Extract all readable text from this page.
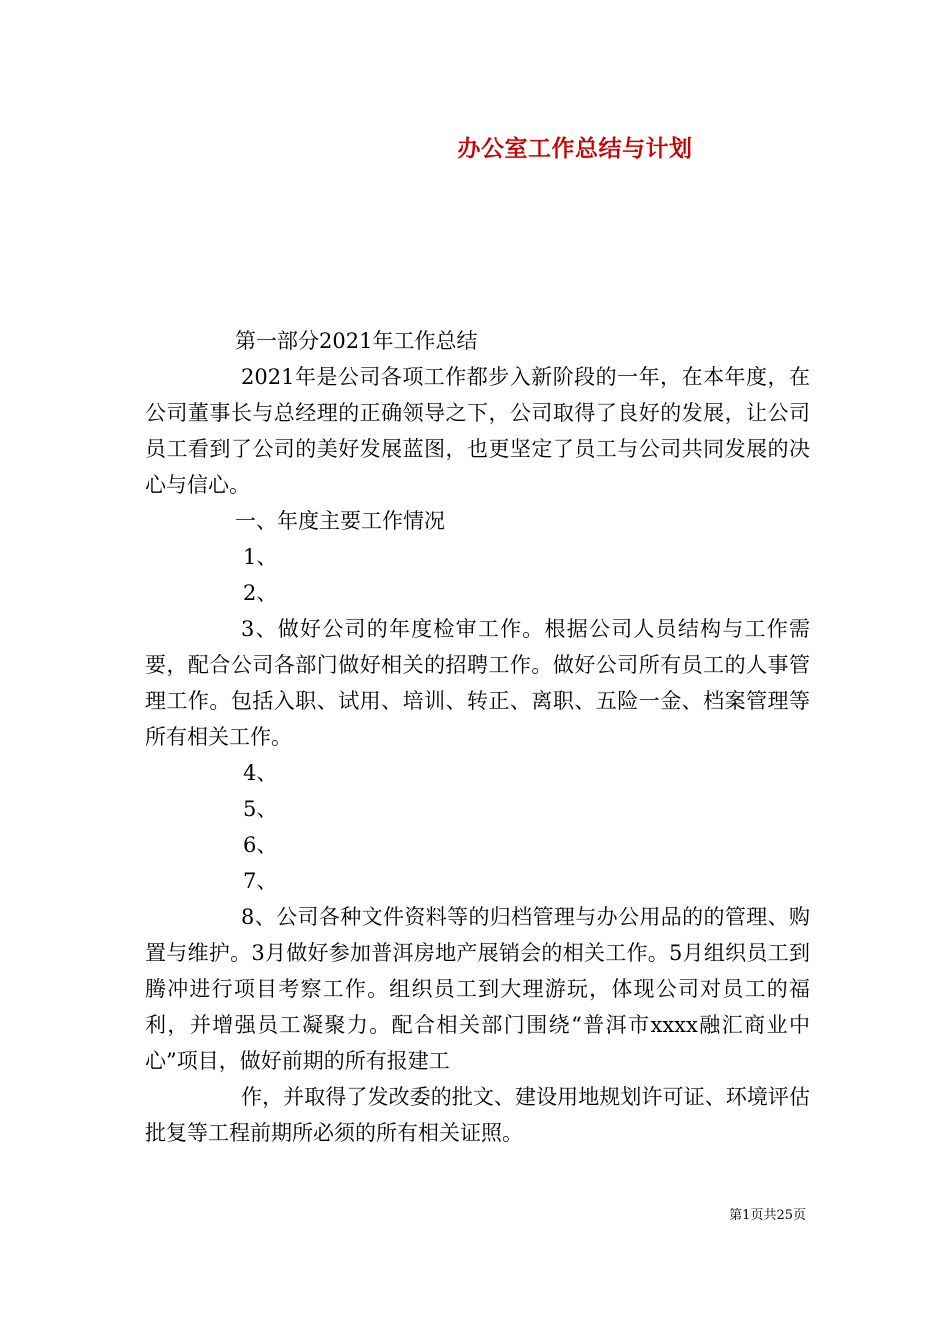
办公室工作总结与计划

第一部分2021年工作总结

2021年是公司各项工作都步入新阶段的一年，在本年度，在公司董事长与总经理的正确领导之下，公司取得了良好的发展，让公司员工看到了公司的美好发展蓝图，也更坚定了员工与公司共同发展的决心与信心。

一、年度主要工作情况

1、

2、

3、做好公司的年度检审工作。根据公司人员结构与工作需要，配合公司各部门做好相关的招聘工作。做好公司所有员工的人事管理工作。包括入职、试用、培训、转正、离职、五险一金、档案管理等所有相关工作。

4、

5、

6、

7、

8、公司各种文件资料等的归档管理与办公用品的的管理、购置与维护。3月做好参加普洱房地产展销会的相关工作。5月组织员工到腾冲进行项目考察工作。组织员工到大理游玩，体现公司对员工的福利，并增强员工凝聚力。配合相关部门围绕“普洱市xxxx融汇商业中心”项目，做好前期的所有报建工

作，并取得了发改委的批文、建设用地规划许可证、环境评估批复等工程前期所必须的所有相关证照。

第1页共25页
